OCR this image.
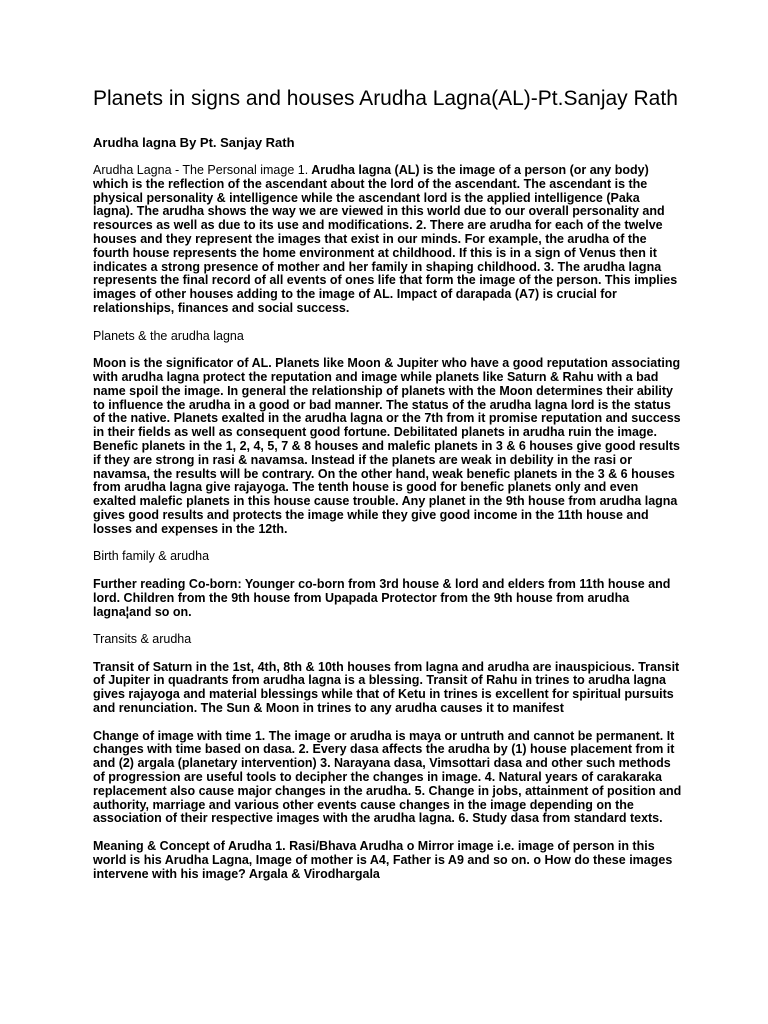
Planets in signs and houses Arudha Lagna(AL)-Pt.Sanjay Rath
Arudha lagna By Pt. Sanjay Rath

Arudha Lagna - The Personal image 1. Arudha lagna (AL) is the image of a person (or any body) which is the reflection of the ascendant about the lord of the ascendant. The ascendant is the physical personality & intelligence while the ascendant lord is the applied intelligence (Paka lagna). The arudha shows the way we are viewed in this world due to our overall personality and resources as well as due to its use and modifications. 2. There are arudha for each of the twelve houses and they represent the images that exist in our minds. For example, the arudha of the fourth house represents the home environment at childhood. If this is in a sign of Venus then it indicates a strong presence of mother and her family in shaping childhood. 3. The arudha lagna represents the final record of all events of ones life that form the image of the person. This implies images of other houses adding to the image of AL. Impact of darapada (A7) is crucial for relationships, finances and social success.

Planets & the arudha lagna

Moon is the significator of AL. Planets like Moon & Jupiter who have a good reputation associating with arudha lagna protect the reputation and image while planets like Saturn & Rahu with a bad name spoil the image. In general the relationship of planets with the Moon determines their ability to influence the arudha in a good or bad manner. The status of the arudha lagna lord is the status of the native. Planets exalted in the arudha lagna or the 7th from it promise reputation and success in their fields as well as consequent good fortune. Debilitated planets in arudha ruin the image. Benefic planets in the 1, 2, 4, 5, 7 & 8 houses and malefic planets in 3 & 6 houses give good results if they are strong in rasi & navamsa. Instead if the planets are weak in debility in the rasi or navamsa, the results will be contrary. On the other hand, weak benefic planets in the 3 & 6 houses from arudha lagna give rajayoga. The tenth house is good for benefic planets only and even exalted malefic planets in this house cause trouble. Any planet in the 9th house from arudha lagna gives good results and protects the image while they give good income in the 11th house and losses and expenses in the 12th.

Birth family & arudha

Further reading Co-born: Younger co-born from 3rd house & lord and elders from 11th house and lord. Children from the 9th house from Upapada Protector from the 9th house from arudha lagna¦and so on.

Transits & arudha

Transit of Saturn in the 1st, 4th, 8th & 10th houses from lagna and arudha are inauspicious. Transit of Jupiter in quadrants from arudha lagna is a blessing. Transit of Rahu in trines to arudha lagna gives rajayoga and material blessings while that of Ketu in trines is excellent for spiritual pursuits and renunciation. The Sun & Moon in trines to any arudha causes it to manifest

Change of image with time 1. The image or arudha is maya or untruth and cannot be permanent. It changes with time based on dasa. 2. Every dasa affects the arudha by (1) house placement from it and (2) argala (planetary intervention) 3. Narayana dasa, Vimsottari dasa and other such methods of progression are useful tools to decipher the changes in image. 4. Natural years of carakaraka replacement also cause major changes in the arudha. 5. Change in jobs, attainment of position and authority, marriage and various other events cause changes in the image depending on the association of their respective images with the arudha lagna. 6. Study dasa from standard texts.

Meaning & Concept of Arudha 1. Rasi/Bhava Arudha o Mirror image i.e. image of person in this world is his Arudha Lagna, Image of mother is A4, Father is A9 and so on. o How do these images intervene with his image? Argala & Virodhargala
